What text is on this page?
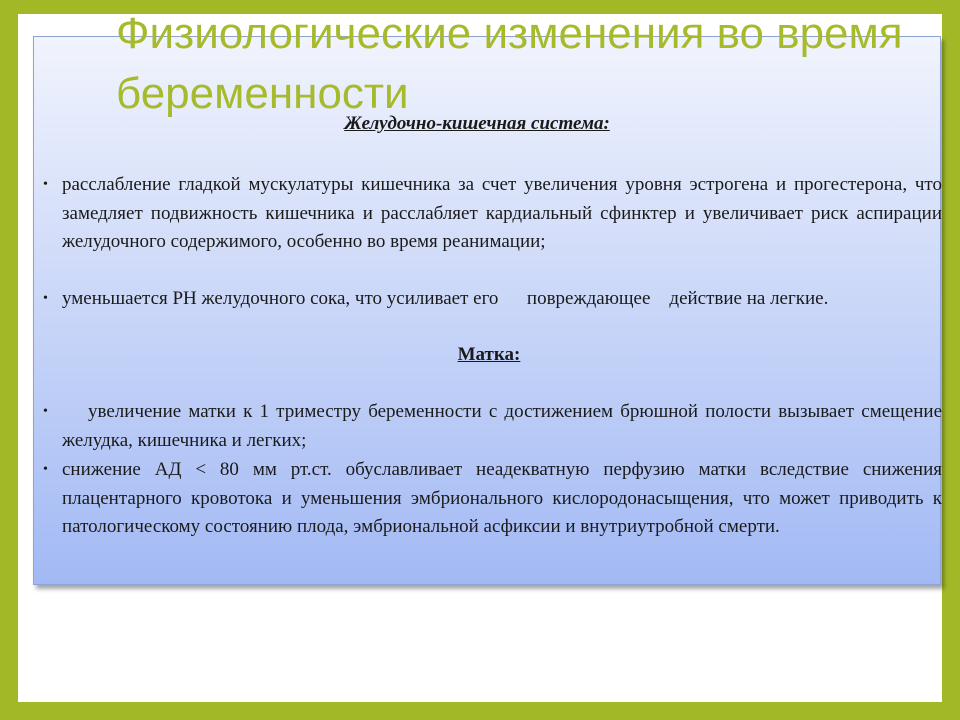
Физиологические изменения во время беременности
Желудочно-кишечная система:
• расслабление гладкой мускулатуры кишечника за счет увеличения уровня эстрогена и прогестерона, что замедляет подвижность кишечника и расслабляет кардиальный сфинктер и увеличивает риск аспирации желудочного содержимого, особенно во время реанимации;
• уменьшается РН желудочного сока, что усиливает его      повреждающее    действие на легкие.
Матка:
•	увеличение матки к 1 триместру беременности с достижением брюшной полости вызывает смещение желудка, кишечника и легких;
• снижение АД < 80 мм рт.ст. обуславливает неадекватную перфузию матки вследствие снижения плацентарного кровотока и уменьшения эмбрионального кислородонасыщения, что может приводить к патологическому состоянию плода, эмбриональной асфиксии и внутриутробной смерти.
